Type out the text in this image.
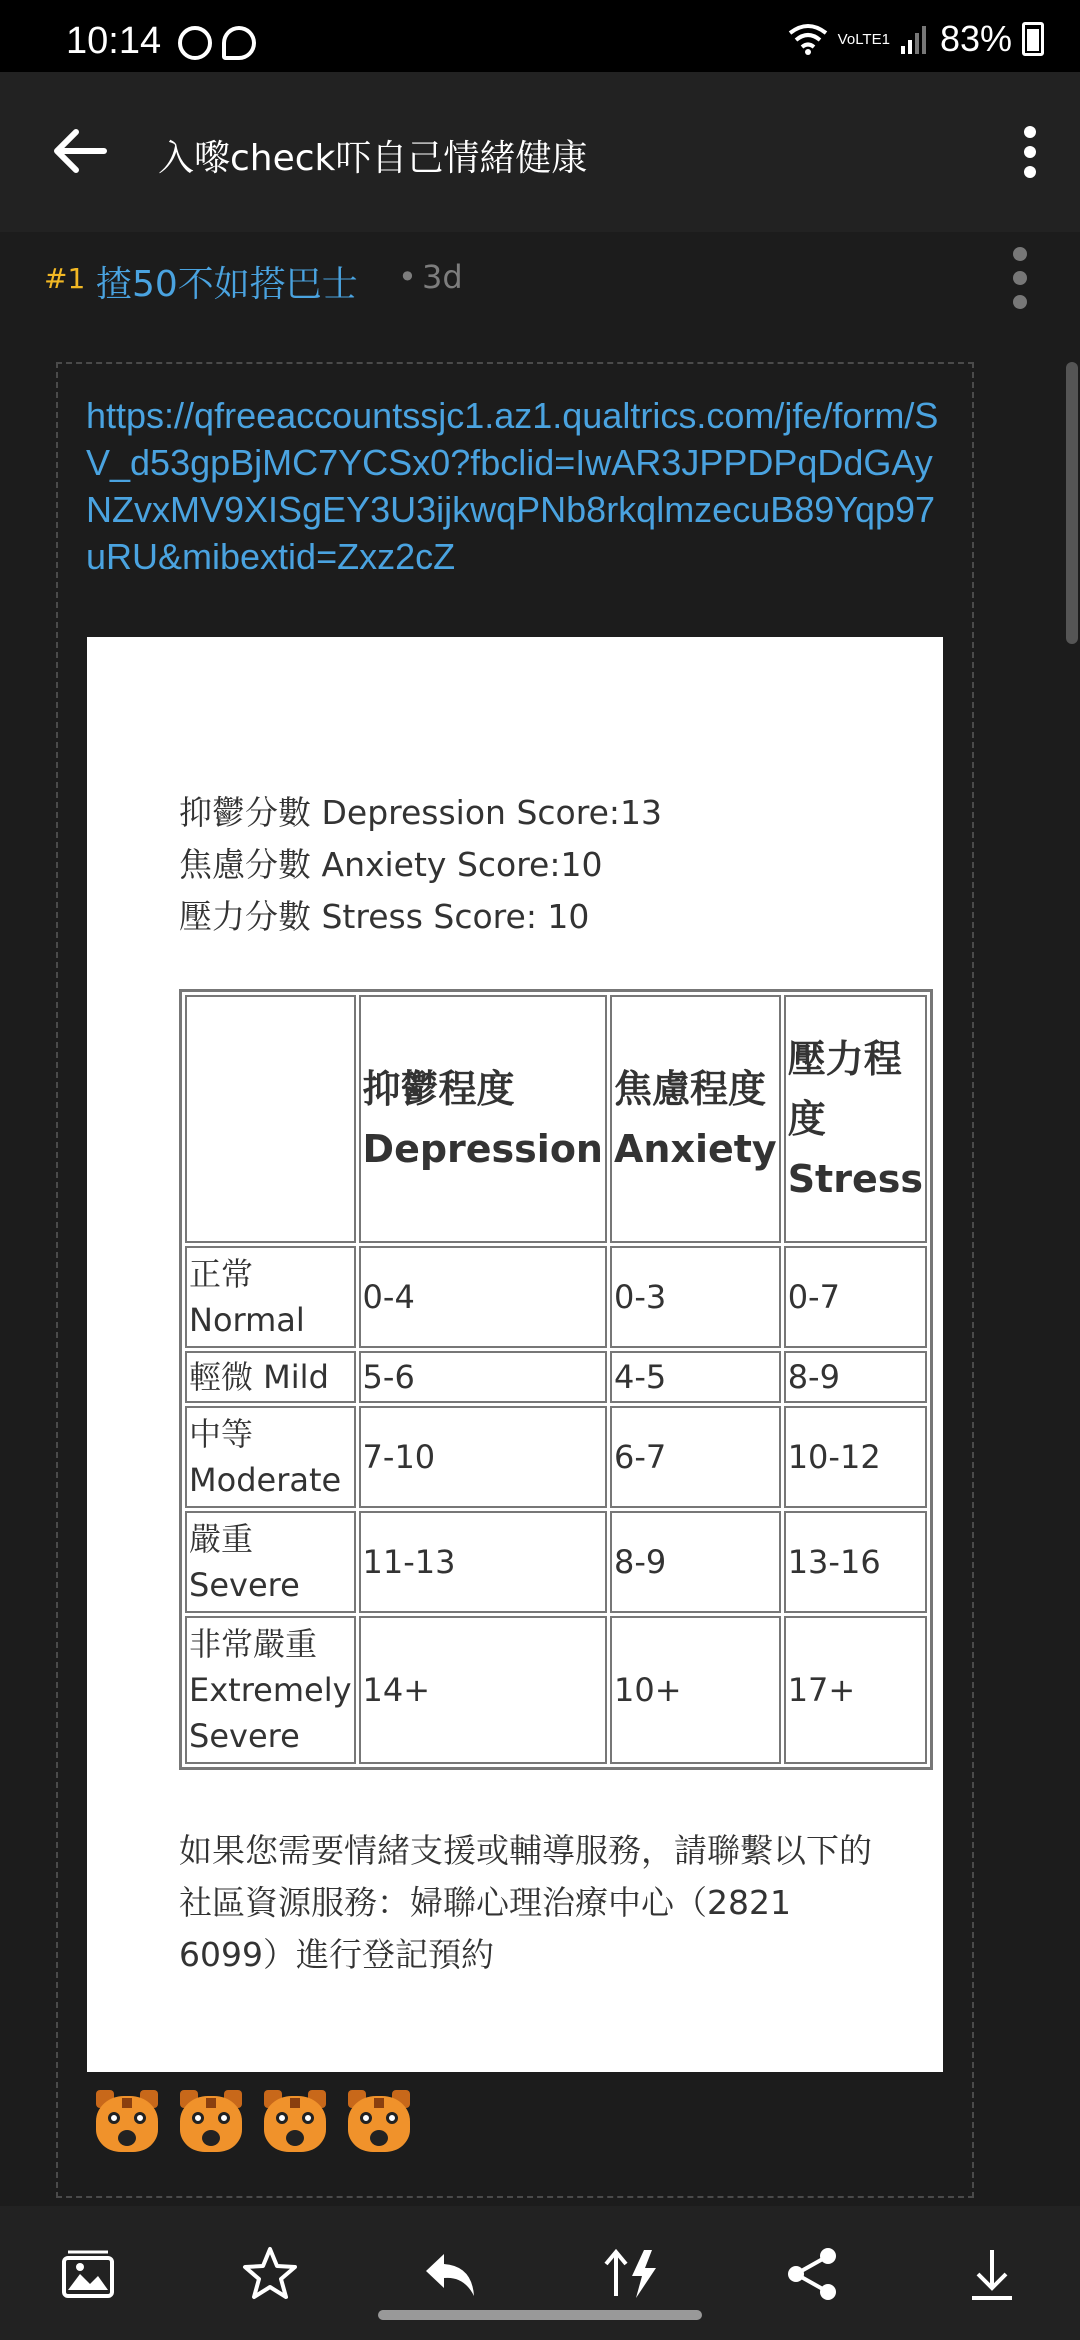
10:14	VoLTE1 83%
入嚟check吓自己情緒健康
#1 揸50不如搭巴士 • 3d
https://qfreeaccountssjc1.az1.qualtrics.com/jfe/form/SV_d53gpBjMC7YCSx0?fbclid=IwAR3JPPDPqDdGAyNZvxMV9XISgEY3U3ijkwqPNb8rkqlmzecuB89Yqp97uRU&mibextid=Zxz2cZ
抑鬱分數 Depression Score:13
焦慮分數 Anxiety Score:10
壓力分數 Stress Score: 10
	抑鬱程度 Depression	焦慮程度 Anxiety	壓力程度 Stress
正常 Normal	0-4	0-3	0-7
輕微 Mild	5-6	4-5	8-9
中等 Moderate	7-10	6-7	10-12
嚴重 Severe	11-13	8-9	13-16
非常嚴重 Extremely Severe	14+	10+	17+
如果您需要情緒支援或輔導服務，請聯繫以下的社區資源服務：婦聯心理治療中心（2821 6099）進行登記預約
